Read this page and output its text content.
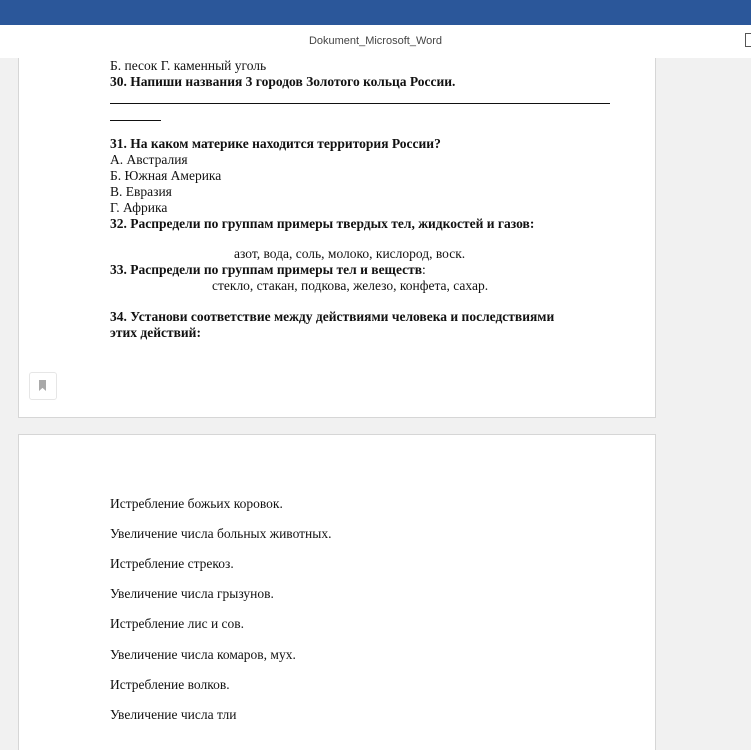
Dokument_Microsoft_Word
Б. песок Г. каменный уголь
30. Напиши названия 3 городов Золотого кольца России.
31. На каком материке находится территория России?
А. Австралия
Б. Южная Америка
В. Евразия
Г. Африка
32. Распредели по группам примеры твердых тел, жидкостей и газов:
азот, вода, соль, молоко, кислород, воск.
33. Распредели по группам примеры тел и веществ:
стекло, стакан, подкова, железо, конфета, сахар.
34. Установи соответствие между действиями человека и последствиями
этих действий:
Истребление божьих коровок.
Увеличение числа больных животных.
Истребление стрекоз.
Увеличение числа грызунов.
Истребление лис и сов.
Увеличение числа комаров, мух.
Истребление волков.
Увеличение числа тли
